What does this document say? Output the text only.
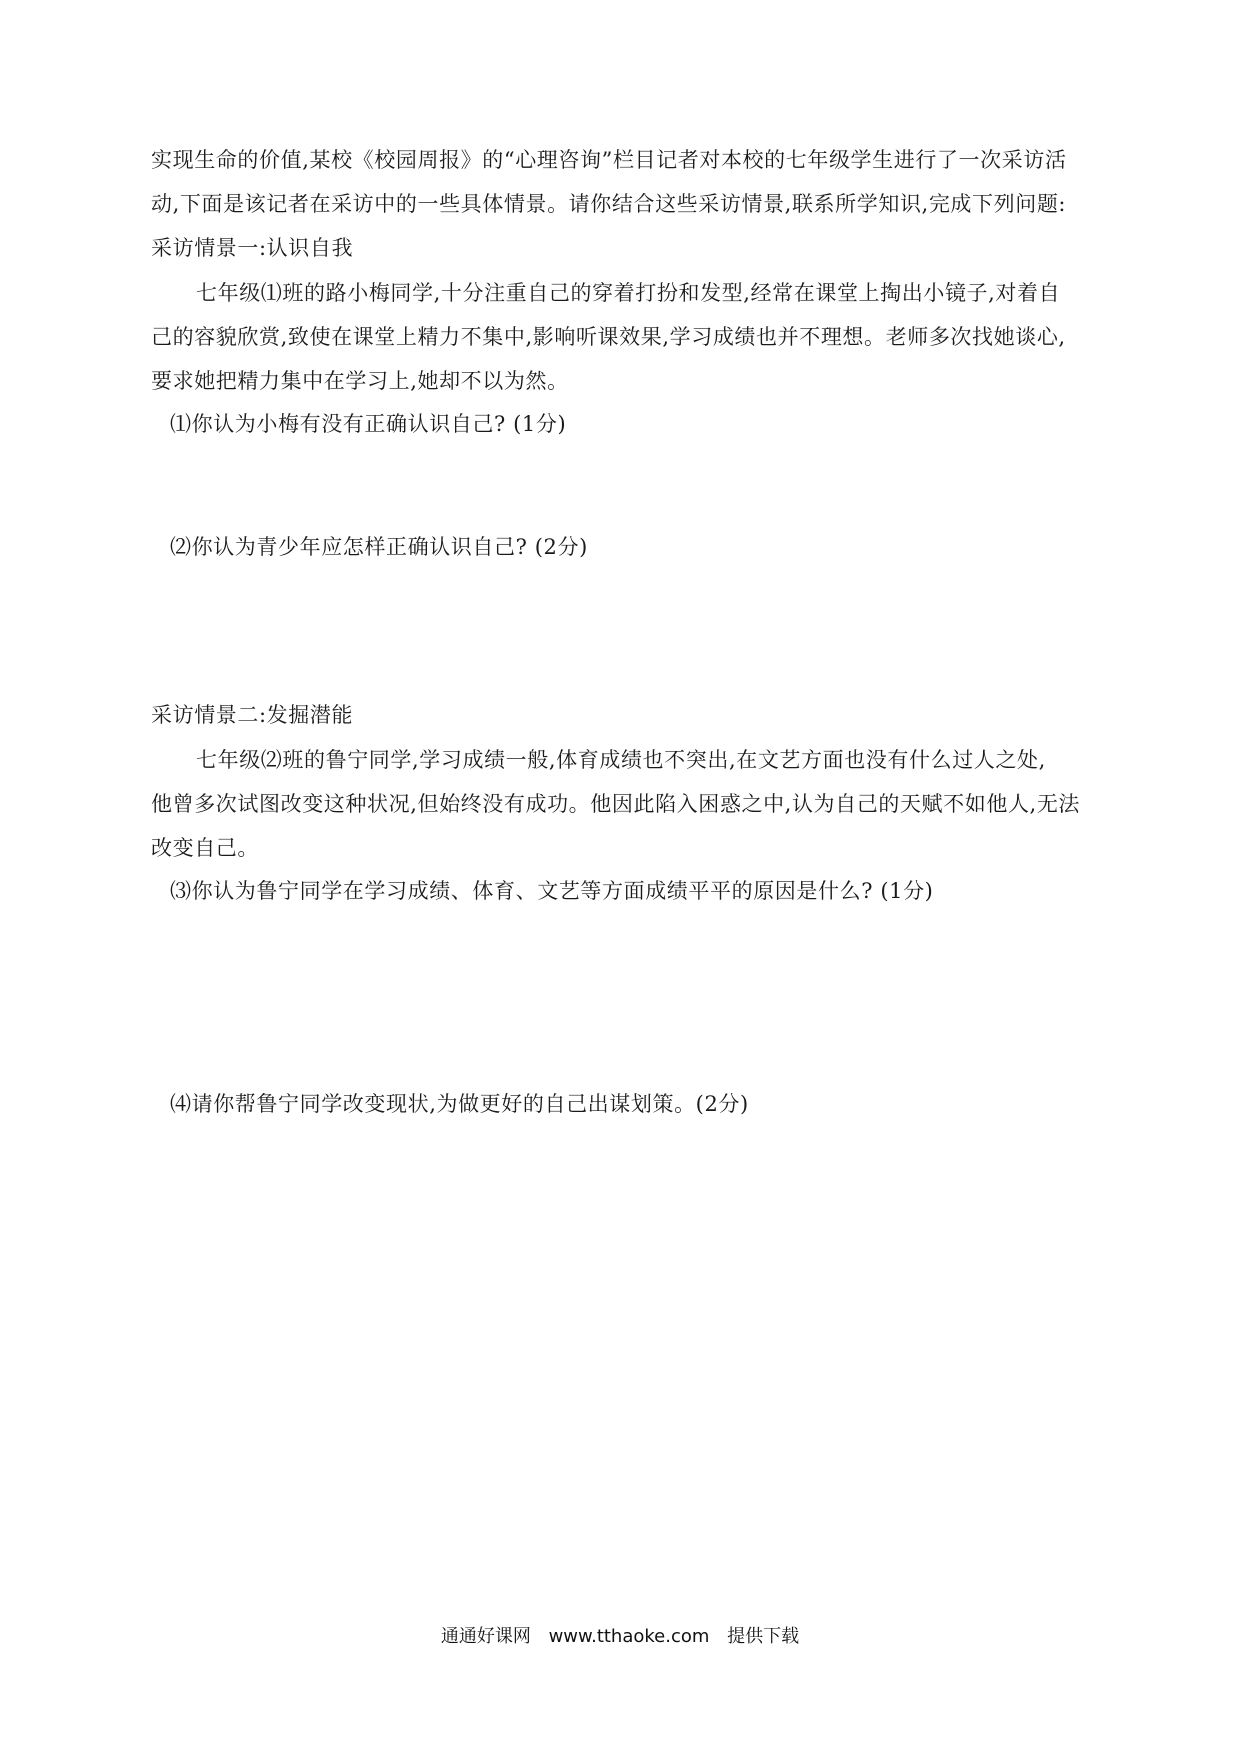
实现生命的价值,某校《校园周报》的“心理咨询”栏目记者对本校的七年级学生进行了一次采访活
动,下面是该记者在采访中的一些具体情景。请你结合这些采访情景,联系所学知识,完成下列问题:
采访情景一:认识自我
七年级⑴班的路小梅同学,十分注重自己的穿着打扮和发型,经常在课堂上掏出小镜子,对着自
己的容貌欣赏,致使在课堂上精力不集中,影响听课效果,学习成绩也并不理想。老师多次找她谈心,
要求她把精力集中在学习上,她却不以为然。
⑴你认为小梅有没有正确认识自己? (1分)
⑵你认为青少年应怎样正确认识自己? (2分)
采访情景二:发掘潜能
七年级⑵班的鲁宁同学,学习成绩一般,体育成绩也不突出,在文艺方面也没有什么过人之处,
他曾多次试图改变这种状况,但始终没有成功。他因此陷入困惑之中,认为自己的天赋不如他人,无法
改变自己。
⑶你认为鲁宁同学在学习成绩、体育、文艺等方面成绩平平的原因是什么? (1分)
⑷请你帮鲁宁同学改变现状,为做更好的自己出谋划策。(2分)
通通好课网 www.tthaoke.com 提供下载
